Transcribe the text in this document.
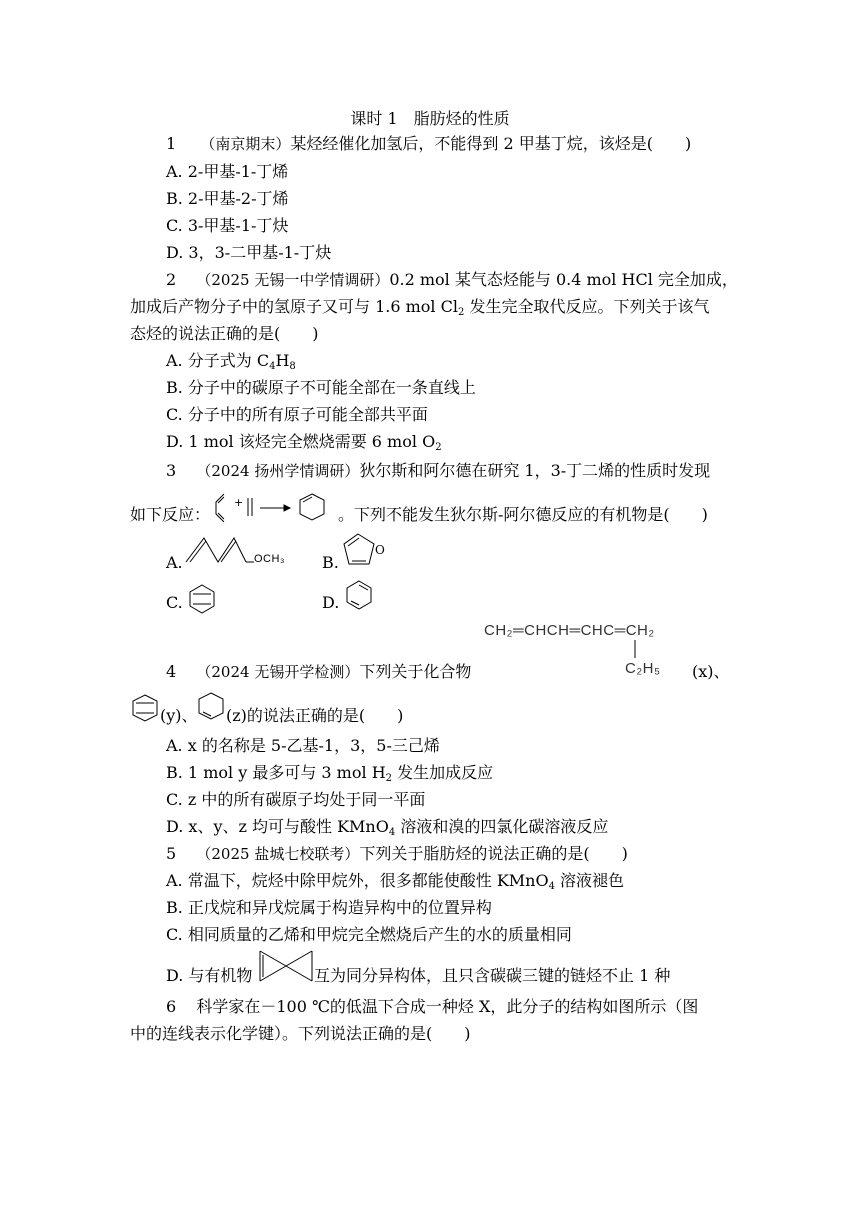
课时 1　脂肪烃的性质
1 （南京期末）某烃经催化加氢后，不能得到 2 甲基丁烷，该烃是(　　)
A. 2-甲基-1-丁烯
B. 2-甲基-2-丁烯
C. 3-甲基-1-丁炔
D. 3，3-二甲基-1-丁炔
2 （2025 无锡一中学情调研）0.2 mol 某气态烃能与 0.4 mol HCl 完全加成，
加成后产物分子中的氢原子又可与 1.6 mol $Cl_2$ 发生完全取代反应。下列关于该气
态烃的说法正确的是(　　)
A. 分子式为 $C_4H_8$
B. 分子中的碳原子不可能全部在一条直线上
C. 分子中的所有原子可能全部共平面
D. 1 mol 该烃完全燃烧需要 6 mol $O_2$
3 （2024 扬州学情调研）狄尔斯和阿尔德在研究 1，3-丁二烯的性质时发现
如下反应：
+
。下列不能发生狄尔斯-阿尔德反应的有机物是(　　)
A.	OCH₃ B.
O
C.	D.
CH₂═CHCH═CHC═CH₂
C₂H₅
4 （2024 无锡开学检测）下列关于化合物	(x)、
(y)、 (z)的说法正确的是(　　)
A. x 的名称是 5-乙基-1，3，5-三己烯
B. 1 mol y 最多可与 3 mol $H_2$ 发生加成反应
C. z 中的所有碳原子均处于同一平面
D. x、y、z 均可与酸性 KMnO$_4$ 溶液和溴的四氯化碳溶液反应
5 （2025 盐城七校联考）下列关于脂肪烃的说法正确的是(　　)
A. 常温下，烷烃中除甲烷外，很多都能使酸性 KMnO$_4$ 溶液褪色
B. 正戊烷和异戊烷属于构造异构中的位置异构
C. 相同质量的乙烯和甲烷完全燃烧后产生的水的质量相同
D. 与有机物	互为同分异构体，且只含碳碳三键的链烃不止 1 种
6 科学家在－100 ℃的低温下合成一种烃 X，此分子的结构如图所示（图
中的连线表示化学键）。下列说法正确的是(　　)
